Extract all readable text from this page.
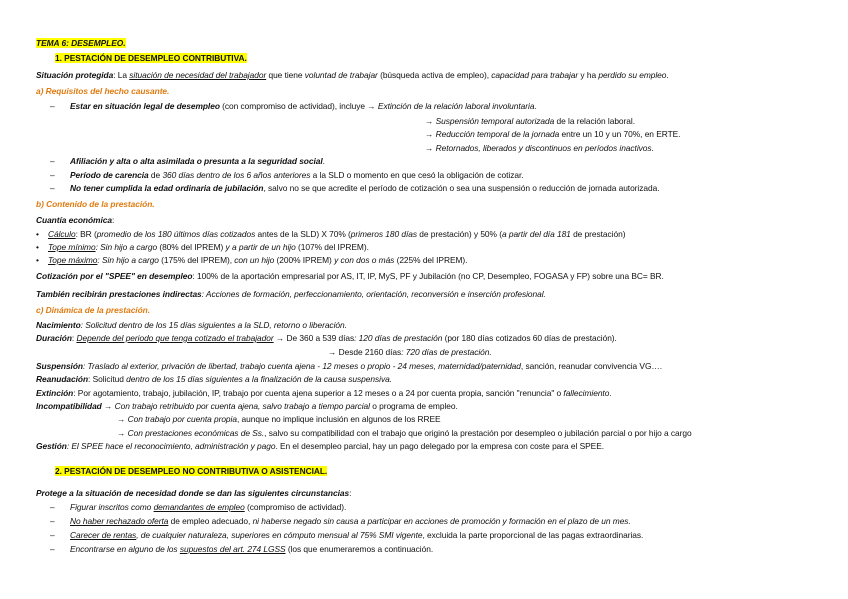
TEMA 6: DESEMPLEO.
1. PESTACIÓN DE DESEMPLEO CONTRIBUTIVA.
Situación protegida: La situación de necesidad del trabajador que tiene voluntad de trabajar (búsqueda activa de empleo), capacidad para trabajar y ha perdido su empleo.
a) Requisitos del hecho causante.
– Estar en situación legal de desempleo (con compromiso de actividad), incluye → Extinción de la relación laboral involuntaria.
→ Suspensión temporal autorizada de la relación laboral.
→ Reducción temporal de la jornada entre un 10 y un 70%, en ERTE.
→ Retornados, liberados y discontinuos en períodos inactivos.
– Afiliación y alta o alta asimilada o presunta a la seguridad social.
– Período de carencia de 360 días dentro de los 6 años anteriores a la SLD o momento en que cesó la obligación de cotizar.
– No tener cumplida la edad ordinaria de jubilación, salvo no se que acredite el período de cotización o sea una suspensión o reducción de jornada autorizada.
b) Contenido de la prestación.
Cuantía económica:
• Cálculo: BR (promedio de los 180 últimos días cotizados antes de la SLD) X 70% (primeros 180 días de prestación) y 50% (a partir del día 181 de prestación)
• Tope mínimo: Sin hijo a cargo (80% del IPREM) y a partir de un hijo (107% del IPREM).
• Tope máximo: Sin hijo a cargo (175% del IPREM), con un hijo (200% IPREM) y con dos o más (225% del IPREM).
Cotización por el "SPEE" en desempleo: 100% de la aportación empresarial por AS, IT, IP, MyS, PF y Jubilación (no CP, Desempleo, FOGASA y FP) sobre una BC= BR.
También recibirán prestaciones indirectas: Acciones de formación, perfeccionamiento, orientación, reconversión e inserción profesional.
c) Dinámica de la prestación.
Nacimiento: Solicitud dentro de los 15 días siguientes a la SLD, retorno o liberación.
Duración: Depende del periodo que tenga cotizado el trabajador → De 360 a 539 días: 120 días de prestación (por 180 días cotizados 60 días de prestación).
→ Desde 2160 días: 720 días de prestación.
Suspensión: Traslado al exterior, privación de libertad, trabajo cuenta ajena - 12 meses o propio - 24 meses, maternidad/paternidad, sanción, reanudar convivencia VG….
Reanudación: Solicitud dentro de los 15 días siguientes a la finalización de la causa suspensiva.
Extinción: Por agotamiento, trabajo, jubilación, IP, trabajo por cuenta ajena superior a 12 meses o a 24 por cuenta propia, sanción "renuncia" o fallecimiento.
Incompatibilidad → Con trabajo retribuido por cuenta ajena, salvo trabajo a tiempo parcial o programa de empleo.
→ Con trabajo por cuenta propia, aunque no implique inclusión en algunos de los RREE
→ Con prestaciones económicas de Ss., salvo su compatibilidad con el trabajo que originó la prestación por desempleo o jubilación parcial o por hijo a cargo
Gestión: El SPEE hace el reconocimiento, administración y pago. En el desempleo parcial, hay un pago delegado por la empresa con coste para el SPEE.
2. PESTACIÓN DE DESEMPLEO NO CONTRIBUTIVA O ASISTENCIAL.
Protege a la situación de necesidad donde se dan las siguientes circunstancias:
– Figurar inscritos como demandantes de empleo (compromiso de actividad).
– No haber rechazado oferta de empleo adecuado, ni haberse negado sin causa a participar en acciones de promoción y formación en el plazo de un mes.
– Carecer de rentas, de cualquier naturaleza, superiores en cómputo mensual al 75% SMI vigente, excluida la parte proporcional de las pagas extraordinarias.
– Encontrarse en alguno de los supuestos del art. 274 LGSS (los que enumeraremos a continuación.
